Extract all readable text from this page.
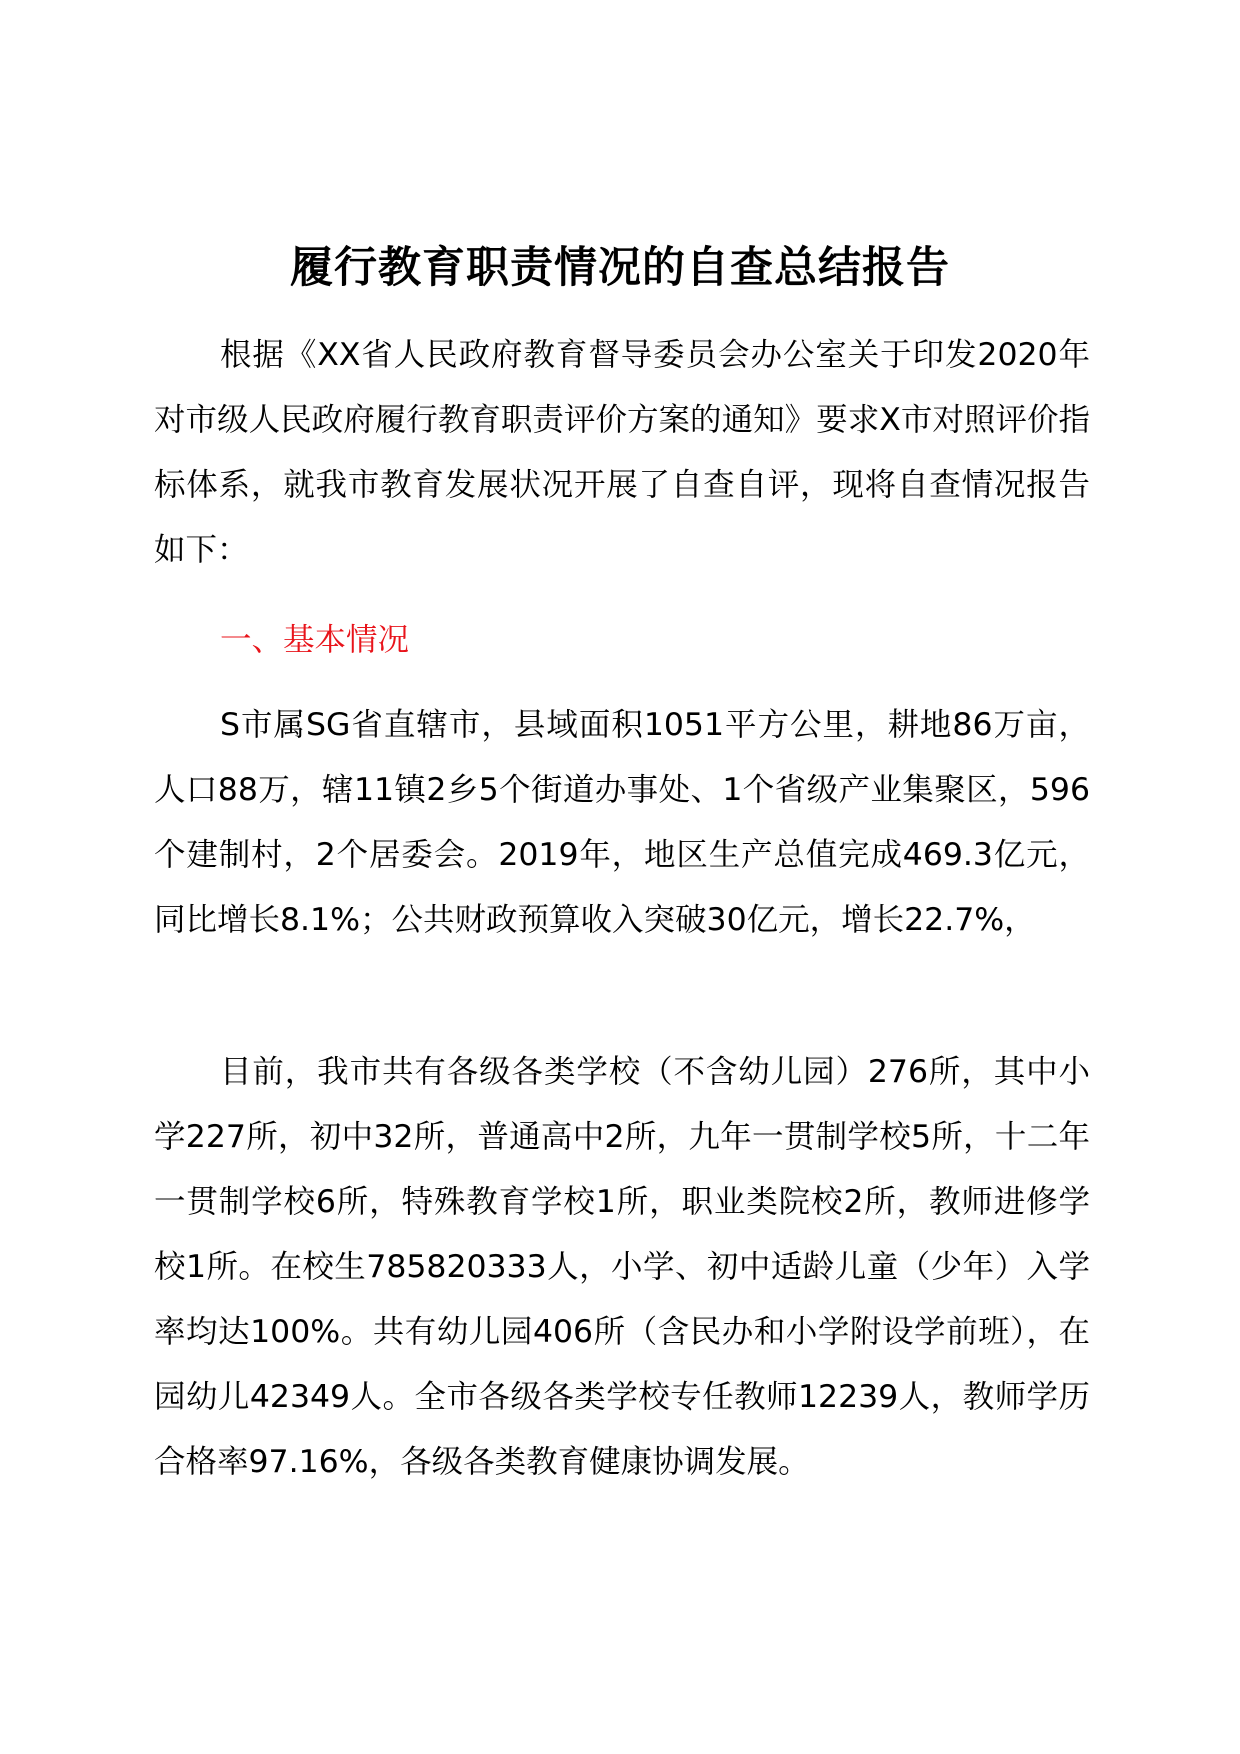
履行教育职责情况的自查总结报告

根据《XX省人民政府教育督导委员会办公室关于印发2020年对市级人民政府履行教育职责评价方案的通知》要求X市对照评价指标体系，就我市教育发展状况开展了自查自评，现将自查情况报告如下：

一、基本情况

S市属SG省直辖市，县域面积1051平方公里，耕地86万亩，人口88万，辖11镇2乡5个街道办事处、1个省级产业集聚区，596个建制村，2个居委会。2019年，地区生产总值完成469.3亿元，同比增长8.1%；公共财政预算收入突破30亿元，增长22.7%，

目前，我市共有各级各类学校（不含幼儿园）276所，其中小学227所，初中32所，普通高中2所，九年一贯制学校5所，十二年一贯制学校6所，特殊教育学校1所，职业类院校2所，教师进修学校1所。在校生785820333人，小学、初中适龄儿童（少年）入学率均达100%。共有幼儿园406所（含民办和小学附设学前班），在园幼儿42349人。全市各级各类学校专任教师12239人，教师学历合格率97.16%，各级各类教育健康协调发展。
